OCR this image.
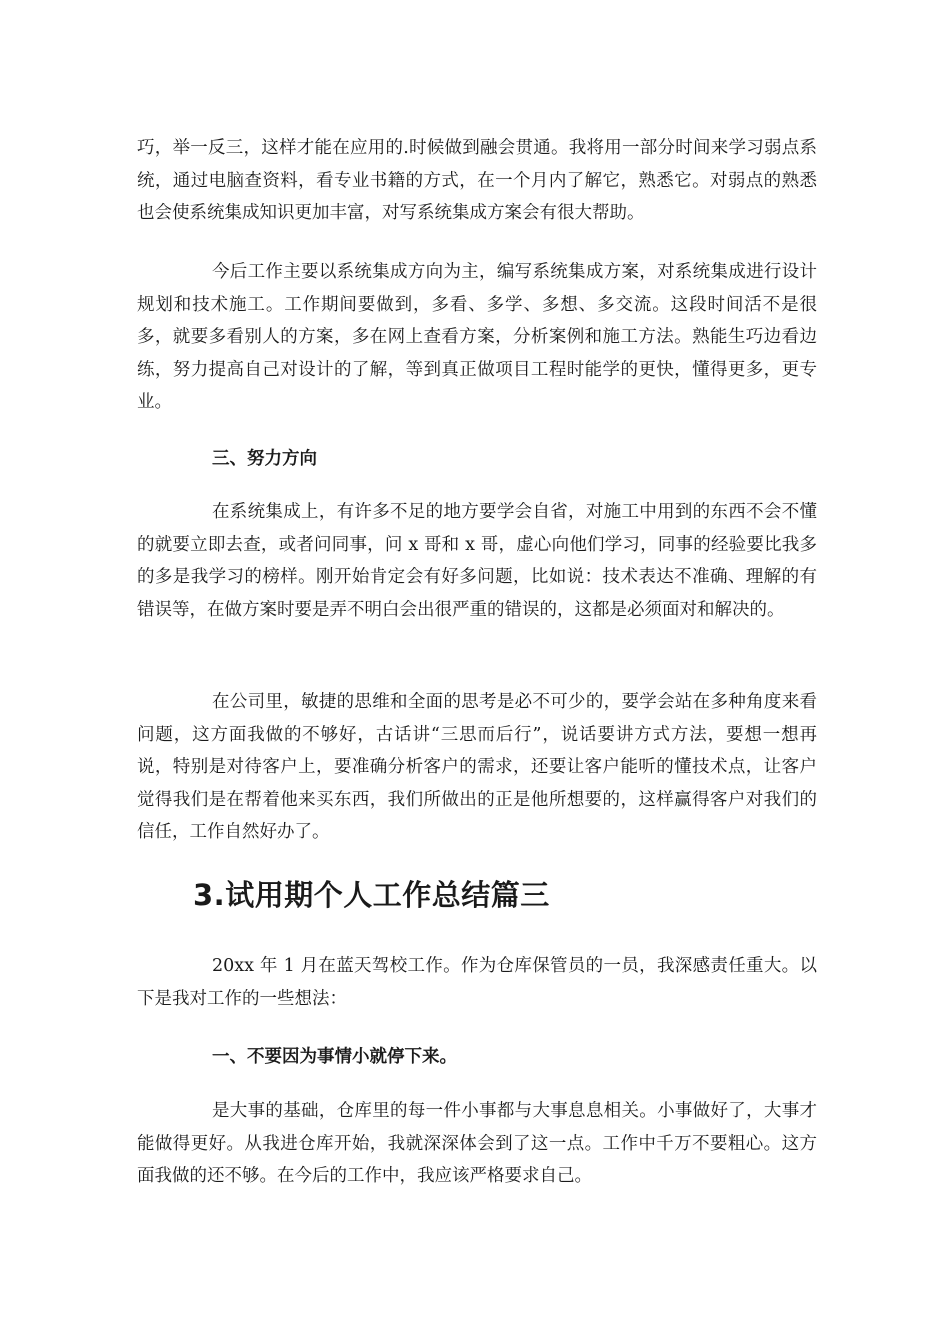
巧，举一反三，这样才能在应用的.时候做到融会贯通。我将用一部分时间来学习弱点系统，通过电脑查资料，看专业书籍的方式，在一个月内了解它，熟悉它。对弱点的熟悉也会使系统集成知识更加丰富，对写系统集成方案会有很大帮助。

今后工作主要以系统集成方向为主，编写系统集成方案，对系统集成进行设计规划和技术施工。工作期间要做到，多看、多学、多想、多交流。这段时间活不是很多，就要多看别人的方案，多在网上查看方案，分析案例和施工方法。熟能生巧边看边练，努力提高自己对设计的了解，等到真正做项目工程时能学的更快，懂得更多，更专业。

三、努力方向

在系统集成上，有许多不足的地方要学会自省，对施工中用到的东西不会不懂的就要立即去查，或者问同事，问 x 哥和 x 哥，虚心向他们学习，同事的经验要比我多的多是我学习的榜样。刚开始肯定会有好多问题，比如说：技术表达不准确、理解的有错误等，在做方案时要是弄不明白会出很严重的错误的，这都是必须面对和解决的。

在公司里，敏捷的思维和全面的思考是必不可少的，要学会站在多种角度来看问题，这方面我做的不够好，古话讲“三思而后行”，说话要讲方式方法，要想一想再说，特别是对待客户上，要准确分析客户的需求，还要让客户能听的懂技术点，让客户觉得我们是在帮着他来买东西，我们所做出的正是他所想要的，这样赢得客户对我们的信任，工作自然好办了。

3.试用期个人工作总结篇三

20xx 年 1 月在蓝天驾校工作。作为仓库保管员的一员，我深感责任重大。以下是我对工作的一些想法：

一、不要因为事情小就停下来。

是大事的基础，仓库里的每一件小事都与大事息息相关。小事做好了，大事才能做得更好。从我进仓库开始，我就深深体会到了这一点。工作中千万不要粗心。这方面我做的还不够。在今后的工作中，我应该严格要求自己。
